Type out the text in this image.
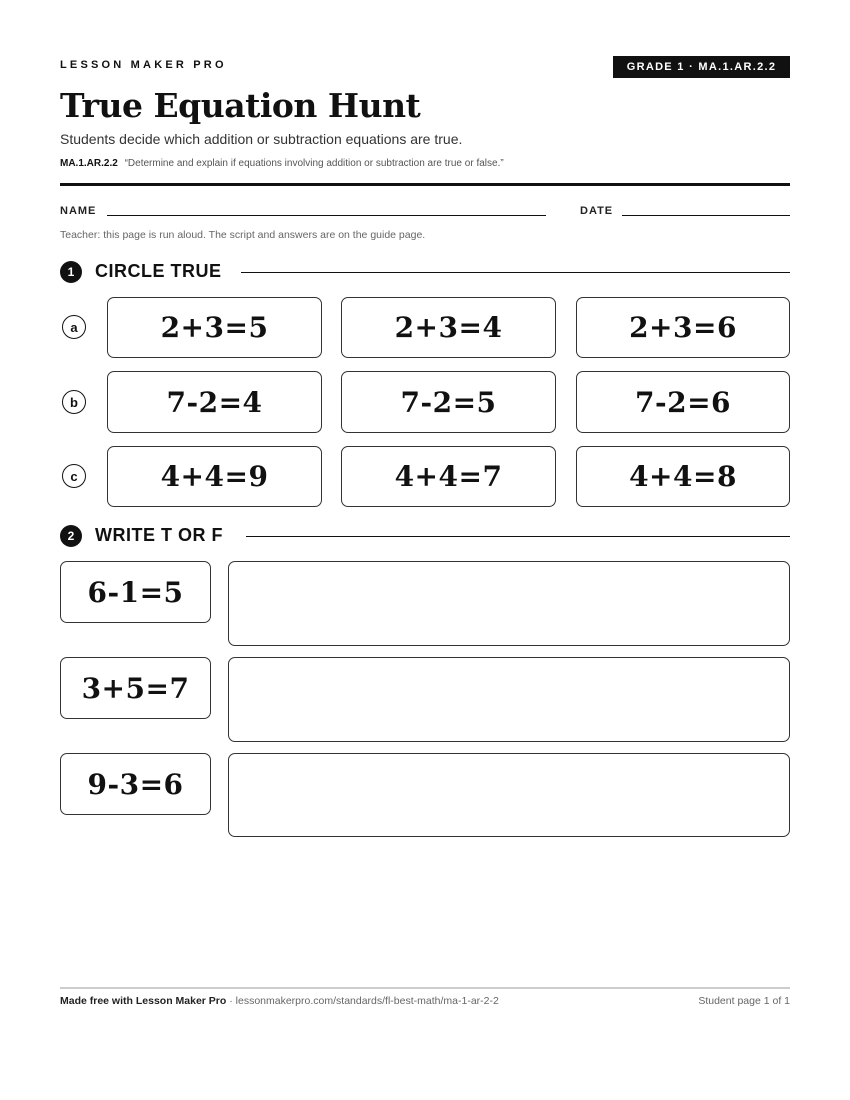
LESSON MAKER PRO	GRADE 1 · MA.1.AR.2.2
True Equation Hunt
Students decide which addition or subtraction equations are true.
MA.1.AR.2.2 “Determine and explain if equations involving addition or subtraction are true or false.”
NAME	DATE
Teacher: this page is run aloud. The script and answers are on the guide page.
1	CIRCLE TRUE
a	2+3=5	2+3=4	2+3=6
b	7-2=4	7-2=5	7-2=6
c	4+4=9	4+4=7	4+4=8
2	WRITE T OR F
6-1=5
3+5=7
9-3=6
Made free with Lesson Maker Pro · lessonmakerpro.com/standards/fl-best-math/ma-1-ar-2-2	Student page 1 of 1
